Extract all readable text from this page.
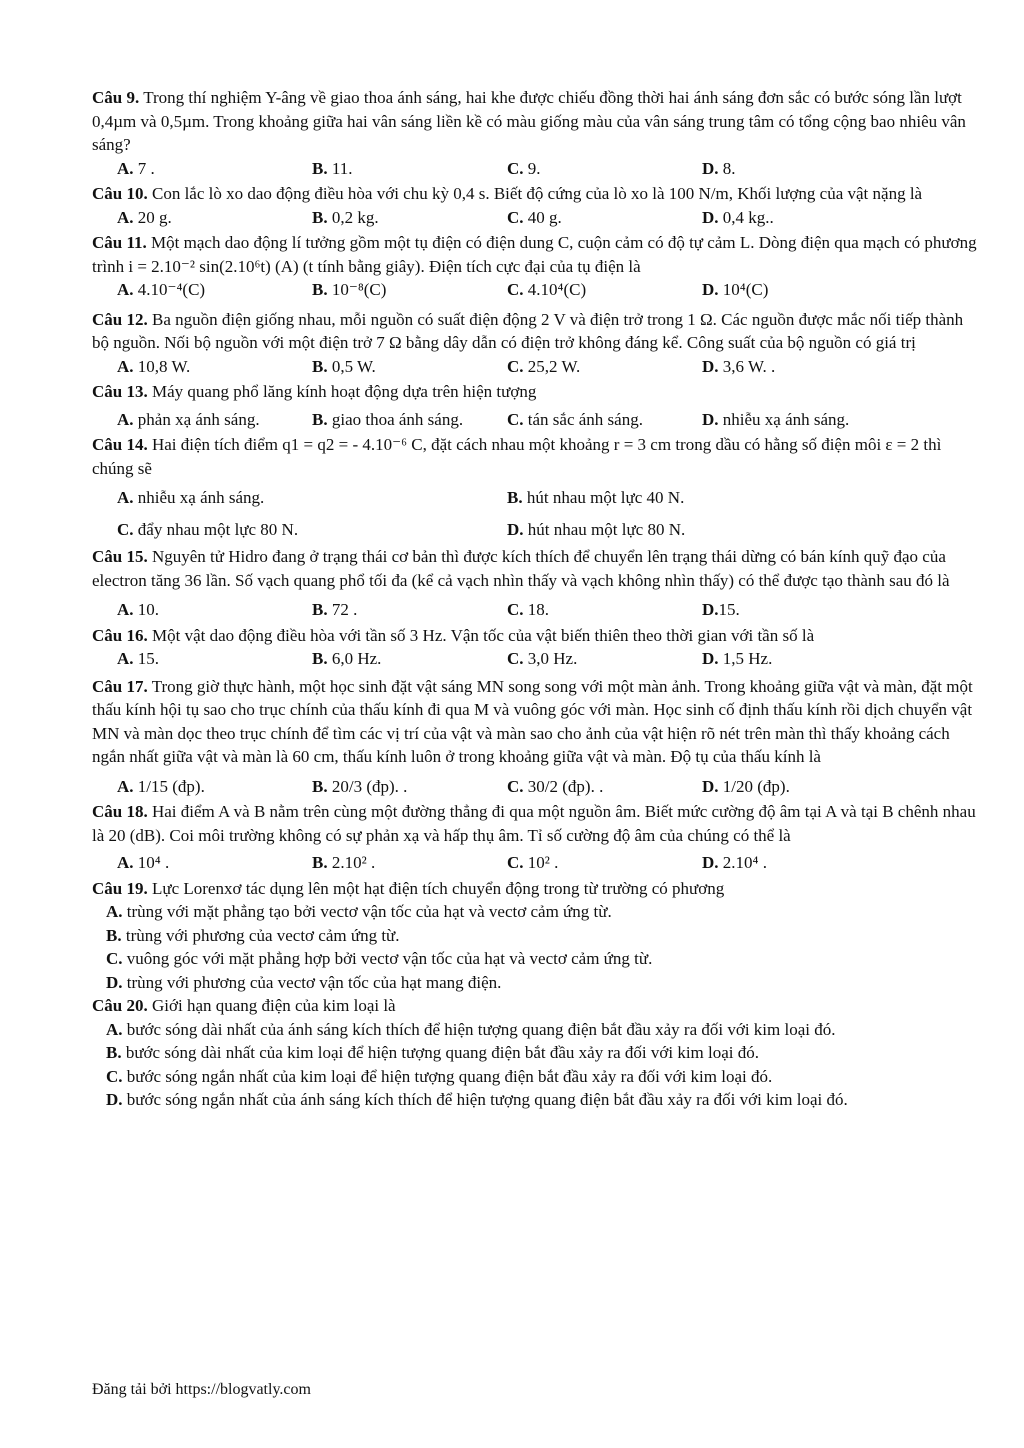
Câu 9. Trong thí nghiệm Y-âng về giao thoa ánh sáng, hai khe được chiếu đồng thời hai ánh sáng đơn sắc có bước sóng lần lượt 0,4µm và 0,5µm. Trong khoảng giữa hai vân sáng liền kề có màu giống màu của vân sáng trung tâm có tổng cộng bao nhiêu vân sáng?

A. 7 .	B. 11.	C. 9.	D. 8.

Câu 10. Con lắc lò xo dao động điều hòa với chu kỳ 0,4 s. Biết độ cứng của lò xo là 100 N/m, Khối lượng của vật nặng là

A. 20 g.	B. 0,2 kg.	C. 40 g.	D. 0,4 kg..

Câu 11. Một mạch dao động lí tưởng gồm một tụ điện có điện dung C, cuộn cảm có độ tự cảm L. Dòng điện qua mạch có phương trình i = 2.10⁻² sin(2.10⁶t) (A) (t tính bằng giây). Điện tích cực đại của tụ điện là

A. 4.10⁻⁴(C)	B. 10⁻⁸(C)	C. 4.10⁴(C)	D. 10⁴(C)

Câu 12. Ba nguồn điện giống nhau, mỗi nguồn có suất điện động 2 V và điện trở trong 1 Ω. Các nguồn được mắc nối tiếp thành bộ nguồn. Nối bộ nguồn với một điện trở 7 Ω bằng dây dẫn có điện trở không đáng kể. Công suất của bộ nguồn có giá trị

A. 10,8 W.	B. 0,5 W.	C. 25,2 W.	D. 3,6 W. .

Câu 13. Máy quang phổ lăng kính hoạt động dựa trên hiện tượng

A. phản xạ ánh sáng.	B. giao thoa ánh sáng.	C. tán sắc ánh sáng.	D. nhiễu xạ ánh sáng.

Câu 14. Hai điện tích điểm q1 = q2 = - 4.10⁻⁶ C, đặt cách nhau một khoảng r = 3 cm trong dầu có hằng số điện môi ε = 2 thì chúng sẽ

A. nhiễu xạ ánh sáng.	B. hút nhau một lực 40 N.
C. đẩy nhau một lực 80 N.	D. hút nhau một lực 80 N.

Câu 15. Nguyên tử Hidro đang ở trạng thái cơ bản thì được kích thích để chuyển lên trạng thái dừng có bán kính quỹ đạo của electron tăng 36 lần. Số vạch quang phổ tối đa (kể cả vạch nhìn thấy và vạch không nhìn thấy) có thể được tạo thành sau đó là

A. 10.	B. 72 .	C. 18.	D.15.

Câu 16. Một vật dao động điều hòa với tần số 3 Hz. Vận tốc của vật biến thiên theo thời gian với tần số là

A. 15.	B. 6,0 Hz.	C. 3,0 Hz.	D. 1,5 Hz.

Câu 17. Trong giờ thực hành, một học sinh đặt vật sáng MN song song với một màn ảnh. Trong khoảng giữa vật và màn, đặt một thấu kính hội tụ sao cho trục chính của thấu kính đi qua M và vuông góc với màn. Học sinh cố định thấu kính rồi dịch chuyển vật MN và màn dọc theo trục chính để tìm các vị trí của vật và màn sao cho ảnh của vật hiện rõ nét trên màn thì thấy khoảng cách ngắn nhất giữa vật và màn là 60 cm, thấu kính luôn ở trong khoảng giữa vật và màn. Độ tụ của thấu kính là

A. 1/15 (đp).	B. 20/3 (đp). .	C. 30/2 (đp). .	D. 1/20 (đp).

Câu 18. Hai điểm A và B nằm trên cùng một đường thẳng đi qua một nguồn âm. Biết mức cường độ âm tại A và tại B chênh nhau là 20 (dB). Coi môi trường không có sự phản xạ và hấp thụ âm. Tỉ số cường độ âm của chúng có thể là

A. 10⁴ .	B. 2.10² .	C. 10² .	D. 2.10⁴ .

Câu 19. Lực Lorenxơ tác dụng lên một hạt điện tích chuyển động trong từ trường có phương

A. trùng với mặt phẳng tạo bởi vectơ vận tốc của hạt và vectơ cảm ứng từ.

B. trùng với phương của vectơ cảm ứng từ.

C. vuông góc với mặt phẳng hợp bởi vectơ vận tốc của hạt và vectơ cảm ứng từ.

D. trùng với phương của vectơ vận tốc của hạt mang điện.

Câu 20. Giới hạn quang điện của kim loại là

A. bước sóng dài nhất của ánh sáng kích thích để hiện tượng quang điện bắt đầu xảy ra đối với kim loại đó.

B. bước sóng dài nhất của kim loại để hiện tượng quang điện bắt đầu xảy ra đối với kim loại đó.

C. bước sóng ngắn nhất của kim loại để hiện tượng quang điện bắt đầu xảy ra đối với kim loại đó.

D. bước sóng ngắn nhất của ánh sáng kích thích để hiện tượng quang điện bắt đầu xảy ra đối với kim loại đó.

Đăng tải bởi https://blogvatly.com
